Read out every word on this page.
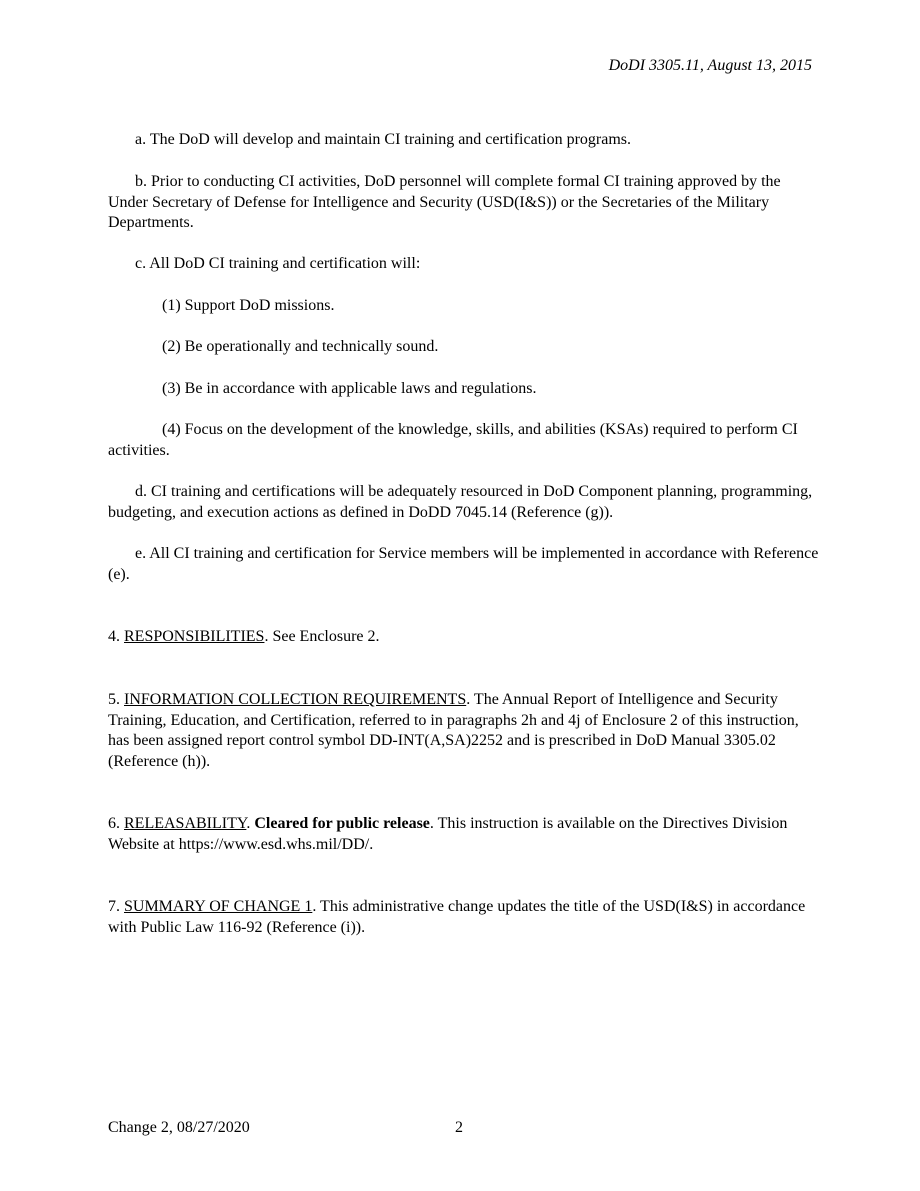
DoDI 3305.11, August 13, 2015

a. The DoD will develop and maintain CI training and certification programs.

b. Prior to conducting CI activities, DoD personnel will complete formal CI training approved by the Under Secretary of Defense for Intelligence and Security (USD(I&S)) or the Secretaries of the Military Departments.

c. All DoD CI training and certification will:

(1) Support DoD missions.

(2) Be operationally and technically sound.

(3) Be in accordance with applicable laws and regulations.

(4) Focus on the development of the knowledge, skills, and abilities (KSAs) required to perform CI activities.

d. CI training and certifications will be adequately resourced in DoD Component planning, programming, budgeting, and execution actions as defined in DoDD 7045.14 (Reference (g)).

e. All CI training and certification for Service members will be implemented in accordance with Reference (e).

4. RESPONSIBILITIES. See Enclosure 2.

5. INFORMATION COLLECTION REQUIREMENTS. The Annual Report of Intelligence and Security Training, Education, and Certification, referred to in paragraphs 2h and 4j of Enclosure 2 of this instruction, has been assigned report control symbol DD-INT(A,SA)2252 and is prescribed in DoD Manual 3305.02 (Reference (h)).

6. RELEASABILITY. Cleared for public release. This instruction is available on the Directives Division Website at https://www.esd.whs.mil/DD/.

7. SUMMARY OF CHANGE 1. This administrative change updates the title of the USD(I&S) in accordance with Public Law 116-92 (Reference (i)).

Change 2, 08/27/2020	2
